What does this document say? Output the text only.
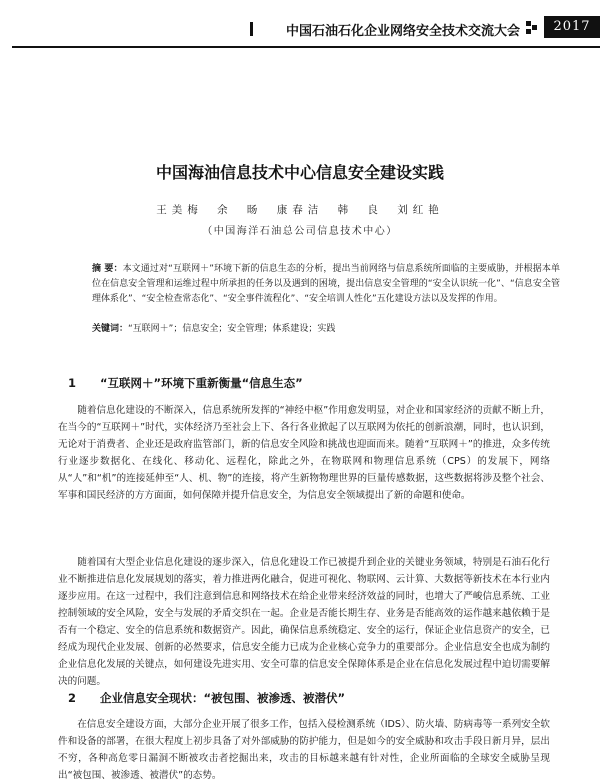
中国石油石化企业网络安全技术交流大会	2017
中国海油信息技术中心信息安全建设实践
王美梅 余 旸 康春洁 韩 良 刘红艳
（中国海洋石油总公司信息技术中心）
摘 要：本文通过对“互联网＋”环境下新的信息生态的分析，提出当前网络与信息系统所面临的主要威胁，并根据本单位在信息安全管理和运维过程中所承担的任务以及遇到的困境，提出信息安全管理的“安全认识统一化”、“信息安全管理体系化”、“安全检查常态化”、“安全事件流程化”、“安全培训人性化”五化建设方法以及发挥的作用。
关键词：“互联网＋”；信息安全；安全管理；体系建设；实践
1 “互联网＋”环境下重新衡量“信息生态”
随着信息化建设的不断深入，信息系统所发挥的“神经中枢”作用愈发明显，对企业和国家经济的贡献不断上升，在当今的“互联网＋”时代，实体经济乃至社会上下、各行各业掀起了以互联网为依托的创新浪潮，同时，也认识到，无论对于消费者、企业还是政府监管部门，新的信息安全风险和挑战也迎面而来。随着“互联网＋”的推进，众多传统行业逐步数据化、在线化、移动化、远程化，除此之外，在物联网和物理信息系统（CPS）的发展下，网络从“人”和“机”的连接延伸至“人、机、物”的连接，将产生新物物理世界的巨量传感数据，这些数据将涉及整个社会、军事和国民经济的方方面面，如何保障并提升信息安全，为信息安全领域提出了新的命题和使命。
随着国有大型企业信息化建设的逐步深入，信息化建设工作已被提升到企业的关键业务领域，特别是石油石化行业不断推进信息化发展规划的落实，着力推进两化融合，促进可视化、物联网、云计算、大数据等新技术在本行业内逐步应用。在这一过程中，我们注意到信息和网络技术在给企业带来经济效益的同时，也增大了严峻信息系统、工业控制领域的安全风险，安全与发展的矛盾交织在一起。企业是否能长期生存、业务是否能高效的运作越来越依赖于是否有一个稳定、安全的信息系统和数据资产。因此，确保信息系统稳定、安全的运行，保证企业信息资产的安全，已经成为现代企业发展、创新的必然要求，信息安全能力已成为企业核心竞争力的重要部分。企业信息安全也成为制约企业信息化发展的关键点，如何建设先进实用、安全可靠的信息安全保障体系是企业在信息化发展过程中迫切需要解决的问题。
2 企业信息安全现状：“被包围、被渗透、被潜伏”
在信息安全建设方面，大部分企业开展了很多工作，包括入侵检测系统（IDS）、防火墙、防病毒等一系列安全软件和设备的部署，在很大程度上初步具备了对外部威胁的防护能力，但是如今的安全威胁和攻击手段日新月异，层出不穷，各种高危零日漏洞不断被攻击者挖掘出来，攻击的目标越来越有针对性，企业所面临的全球安全威胁呈现出“被包围、被渗透、被潜伏”的态势。
